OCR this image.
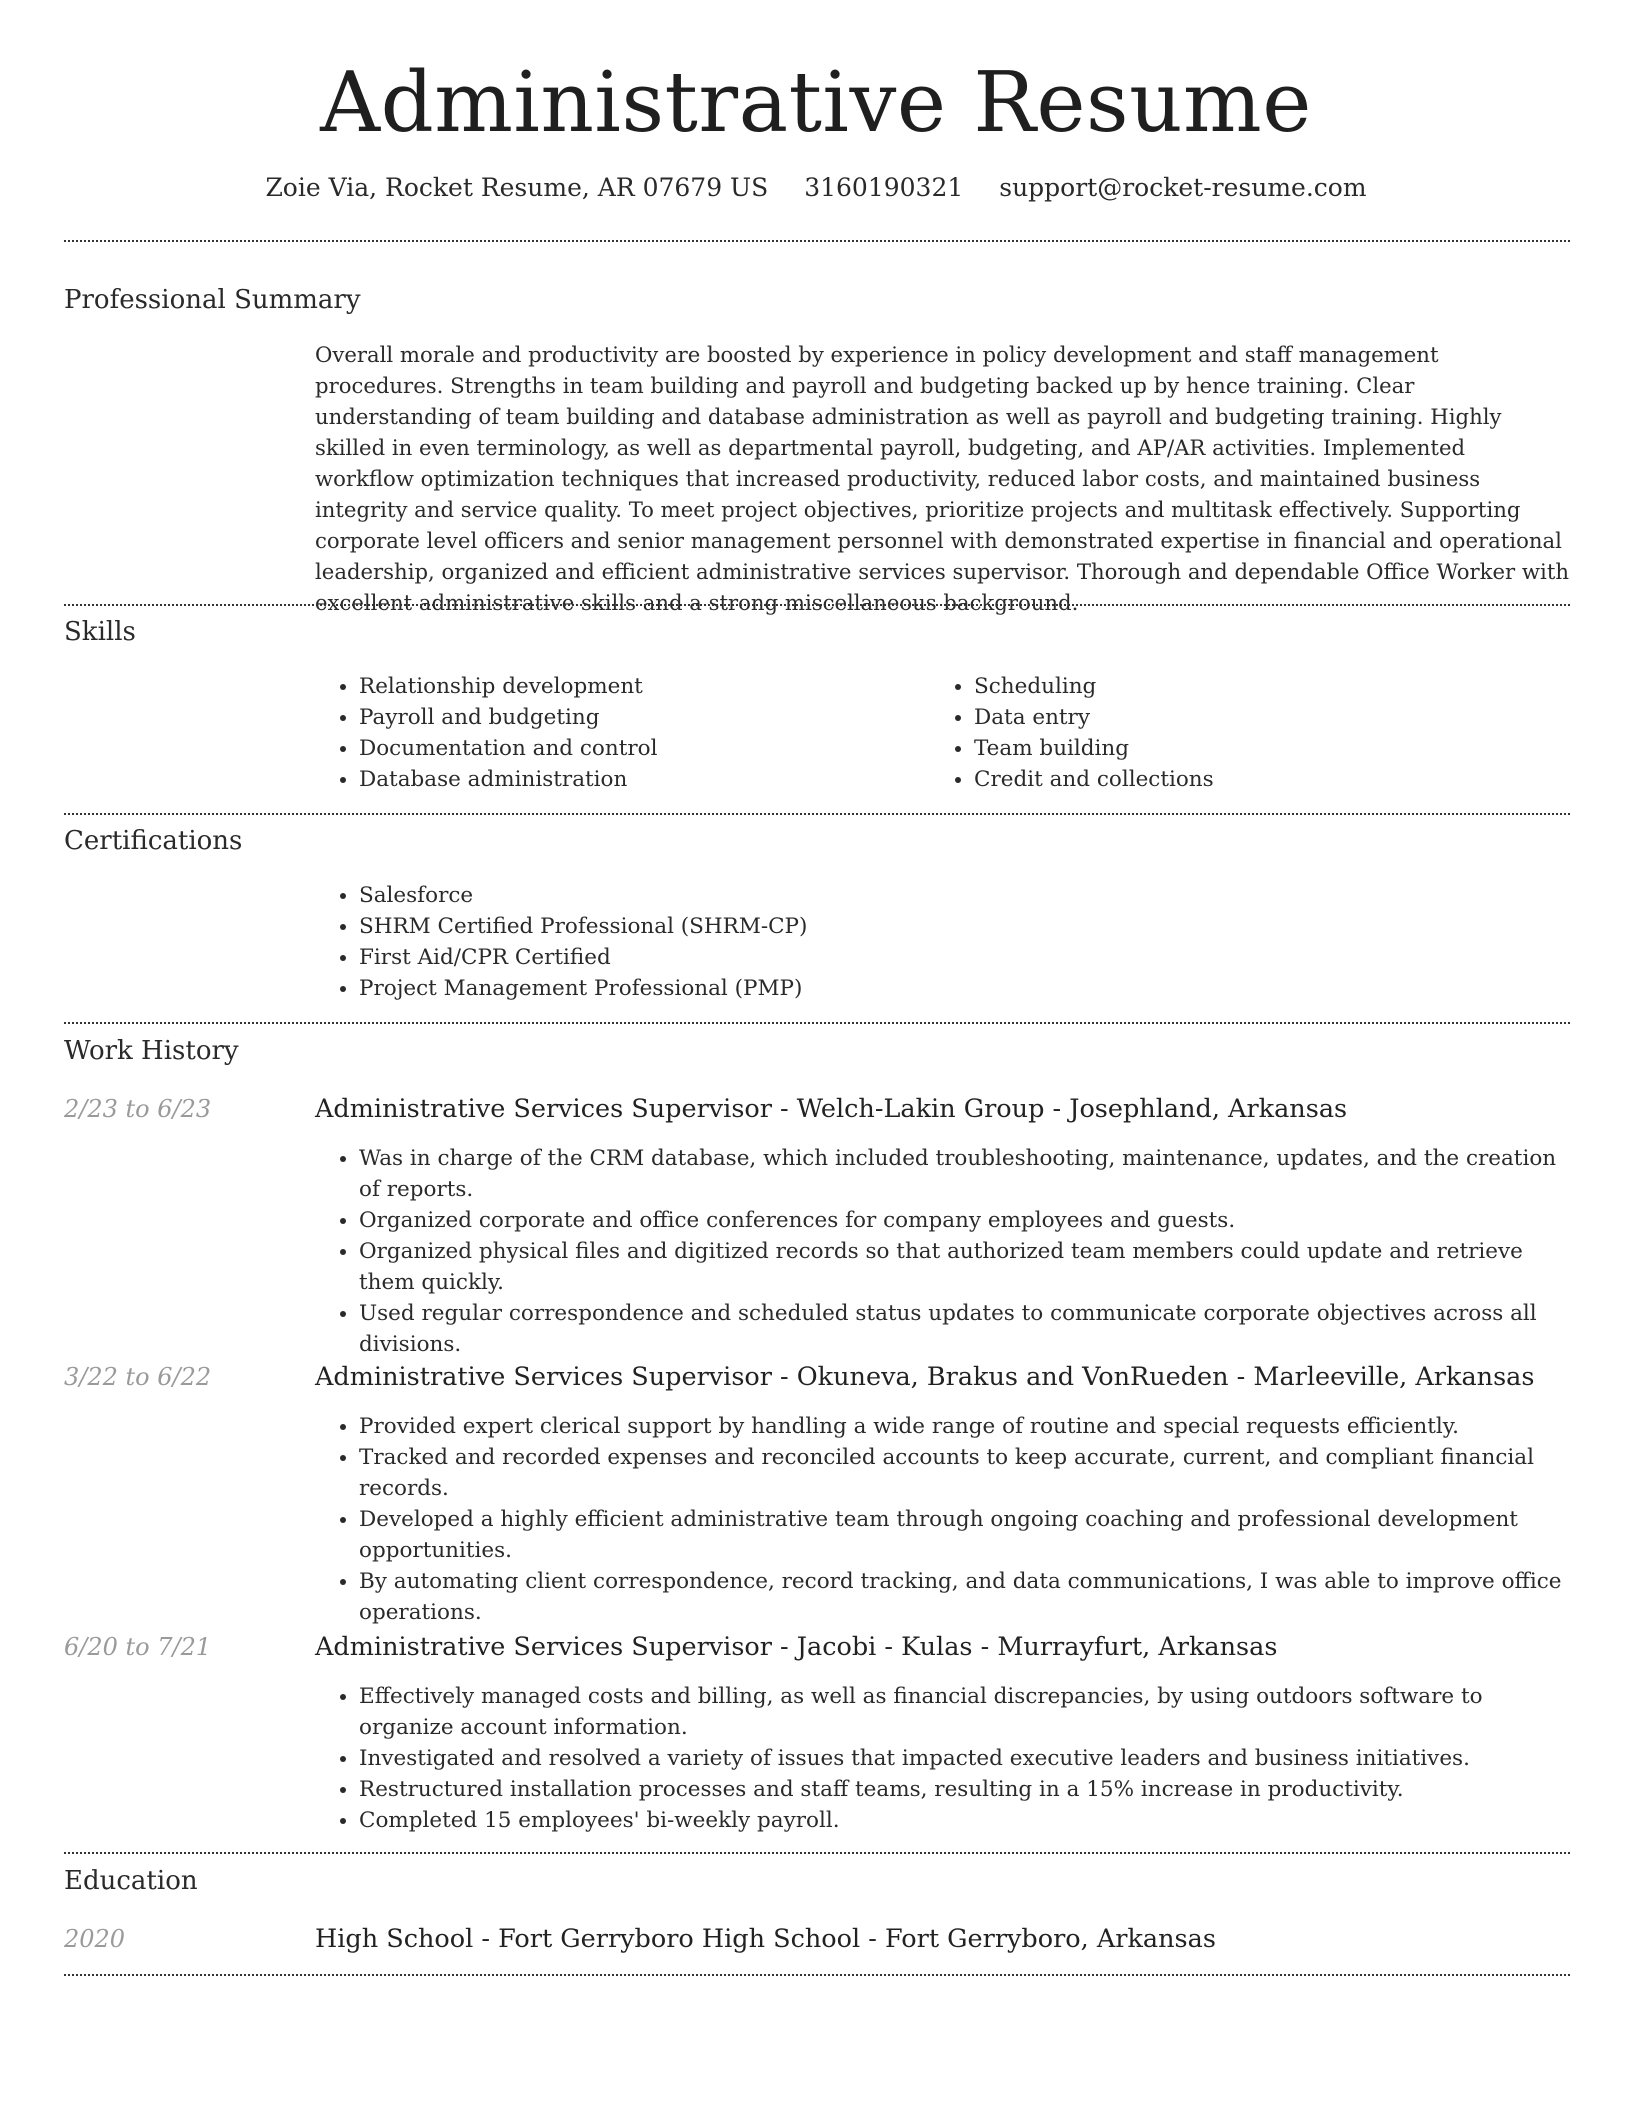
Administrative Resume
Zoie Via, Rocket Resume, AR 07679 US 3160190321 support@rocket-resume.com
Professional Summary
Overall morale and productivity are boosted by experience in policy development and staff management procedures. Strengths in team building and payroll and budgeting backed up by hence training. Clear understanding of team building and database administration as well as payroll and budgeting training. Highly skilled in even terminology, as well as departmental payroll, budgeting, and AP/AR activities. Implemented workflow optimization techniques that increased productivity, reduced labor costs, and maintained business integrity and service quality. To meet project objectives, prioritize projects and multitask effectively. Supporting corporate level officers and senior management personnel with demonstrated expertise in financial and operational leadership, organized and efficient administrative services supervisor. Thorough and dependable Office Worker with excellent administrative skills and a strong miscellaneous background.
Skills
• Relationship development
• Payroll and budgeting
• Documentation and control
• Database administration
• Scheduling
• Data entry
• Team building
• Credit and collections
Certifications
• Salesforce
• SHRM Certified Professional (SHRM-CP)
• First Aid/CPR Certified
• Project Management Professional (PMP)
Work History
2/23 to 6/23	Administrative Services Supervisor - Welch-Lakin Group - Josephland, Arkansas
• Was in charge of the CRM database, which included troubleshooting, maintenance, updates, and the creation of reports.
• Organized corporate and office conferences for company employees and guests.
• Organized physical files and digitized records so that authorized team members could update and retrieve them quickly.
• Used regular correspondence and scheduled status updates to communicate corporate objectives across all divisions.
3/22 to 6/22	Administrative Services Supervisor - Okuneva, Brakus and VonRueden - Marleeville, Arkansas
• Provided expert clerical support by handling a wide range of routine and special requests efficiently.
• Tracked and recorded expenses and reconciled accounts to keep accurate, current, and compliant financial records.
• Developed a highly efficient administrative team through ongoing coaching and professional development opportunities.
• By automating client correspondence, record tracking, and data communications, I was able to improve office operations.
6/20 to 7/21	Administrative Services Supervisor - Jacobi - Kulas - Murrayfurt, Arkansas
• Effectively managed costs and billing, as well as financial discrepancies, by using outdoors software to organize account information.
• Investigated and resolved a variety of issues that impacted executive leaders and business initiatives.
• Restructured installation processes and staff teams, resulting in a 15% increase in productivity.
• Completed 15 employees' bi-weekly payroll.
Education
2020	High School - Fort Gerryboro High School - Fort Gerryboro, Arkansas
